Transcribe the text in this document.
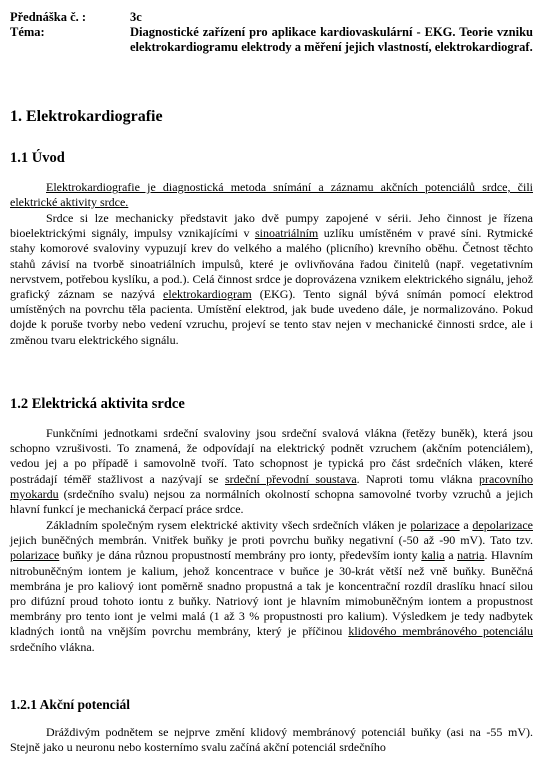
Přednáška č. :	3c
Téma:	Diagnostické zařízení pro aplikace kardiovaskulární - EKG. Teorie vzniku elektrokardiogramu elektrody a měření jejich vlastností, elektrokardiograf.
1. Elektrokardiografie
1.1 Úvod

Elektrokardiografie je diagnostická metoda snímání a záznamu akčních potenciálů srdce, čili elektrické aktivity srdce.

Srdce si lze mechanicky představit jako dvě pumpy zapojené v sérii. Jeho činnost je řízena bioelektrickými signály, impulsy vznikajícími v sinoatriálním uzlíku umístěném v pravé síni. Rytmické stahy komorové svaloviny vypuzují krev do velkého a malého (plicního) krevního oběhu. Četnost těchto stahů závisí na tvorbě sinoatriálních impulsů, které je ovlivňována řadou činitelů (např. vegetativním nervstvem, potřebou kyslíku, a pod.). Celá činnost srdce je doprovázena vznikem elektrického signálu, jehož grafický záznam se nazývá elektrokardiogram (EKG). Tento signál bývá snímán pomocí elektrod umístěných na povrchu těla pacienta. Umístění elektrod, jak bude uvedeno dále, je normalizováno. Pokud dojde k poruše tvorby nebo vedení vzruchu, projeví se tento stav nejen v mechanické činnosti srdce, ale i změnou tvaru elektrického signálu.

1.2 Elektrická aktivita srdce

Funkčními jednotkami srdeční svaloviny jsou srdeční svalová vlákna (řetězy buněk), která jsou schopno vzrušivosti. To znamená, že odpovídají na elektrický podnět vzruchem (akčním potenciálem), vedou jej a po případě i samovolně tvoří. Tato schopnost je typická pro část srdečních vláken, které postrádají téměř stažlivost a nazývají se srdeční převodní soustava. Naproti tomu vlákna pracovního myokardu (srdečního svalu) nejsou za normálních okolností schopna samovolné tvorby vzruchů a jejich hlavní funkcí je mechanická čerpací práce srdce.

Základním společným rysem elektrické aktivity všech srdečních vláken je polarizace a depolarizace jejich buněčných membrán. Vnitřek buňky je proti povrchu buňky negativní (-50 až -90 mV). Tato tzv. polarizace buňky je dána různou propustností membrány pro ionty, především ionty kalia a natria. Hlavním nitrobuněčným iontem je kalium, jehož koncentrace v buňce je 30-krát větší než vně buňky. Buněčná membrána je pro kaliový iont poměrně snadno propustná a tak je koncentrační rozdíl draslíku hnací silou pro difúzní proud tohoto iontu z buňky. Natriový iont je hlavním mimobuněčným iontem a propustnost membrány pro tento iont je velmi malá (1 až 3 % propustnosti pro kalium). Výsledkem je tedy nadbytek kladných iontů na vnějším povrchu membrány, který je příčinou klidového membránového potenciálu srdečního vlákna.

1.2.1 Akční potenciál

Dráždivým podnětem se nejprve změní klidový membránový potenciál buňky (asi na -55 mV). Stejně jako u neuronu nebo kosternímo svalu začíná akční potenciál srdečního
